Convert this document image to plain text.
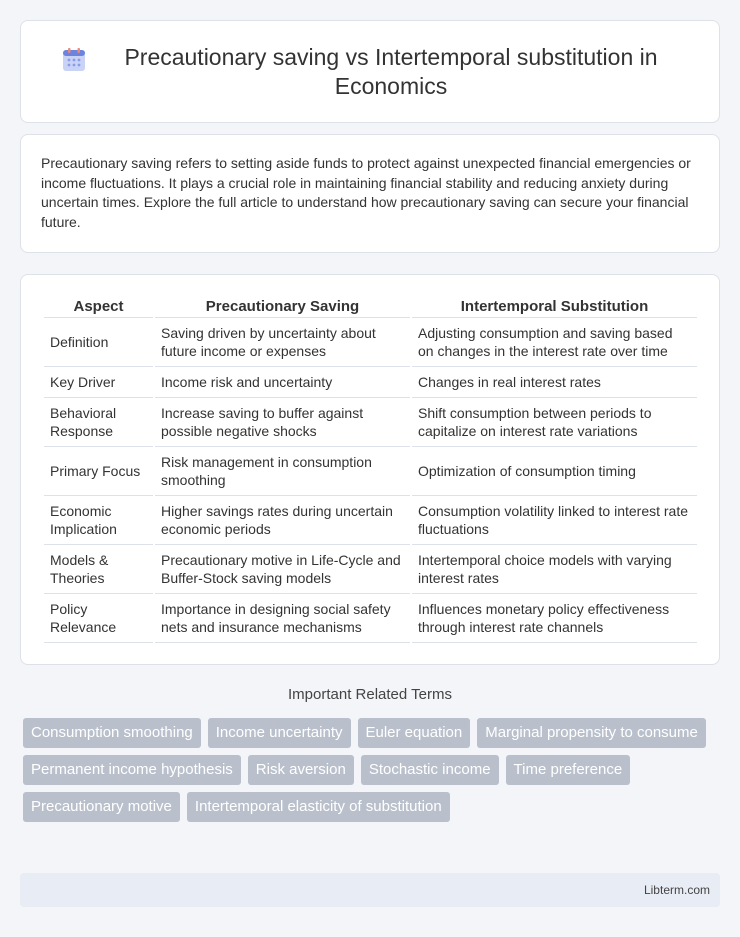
Precautionary saving vs Intertemporal substitution in Economics

Precautionary saving refers to setting aside funds to protect against unexpected financial emergencies or income fluctuations. It plays a crucial role in maintaining financial stability and reducing anxiety during uncertain times. Explore the full article to understand how precautionary saving can secure your financial future.

Aspect	Precautionary Saving	Intertemporal Substitution
Definition	Saving driven by uncertainty about future income or expenses	Adjusting consumption and saving based on changes in the interest rate over time
Key Driver	Income risk and uncertainty	Changes in real interest rates
Behavioral Response	Increase saving to buffer against possible negative shocks	Shift consumption between periods to capitalize on interest rate variations
Primary Focus	Risk management in consumption smoothing	Optimization of consumption timing
Economic Implication	Higher savings rates during uncertain economic periods	Consumption volatility linked to interest rate fluctuations
Models & Theories	Precautionary motive in Life-Cycle and Buffer-Stock saving models	Intertemporal choice models with varying interest rates
Policy Relevance	Importance in designing social safety nets and insurance mechanisms	Influences monetary policy effectiveness through interest rate channels
Important Related Terms
Consumption smoothing	Income uncertainty	Euler equation	Marginal propensity to consume
Permanent income hypothesis	Risk aversion	Stochastic income	Time preference
Precautionary motive	Intertemporal elasticity of substitution
Libterm.com
